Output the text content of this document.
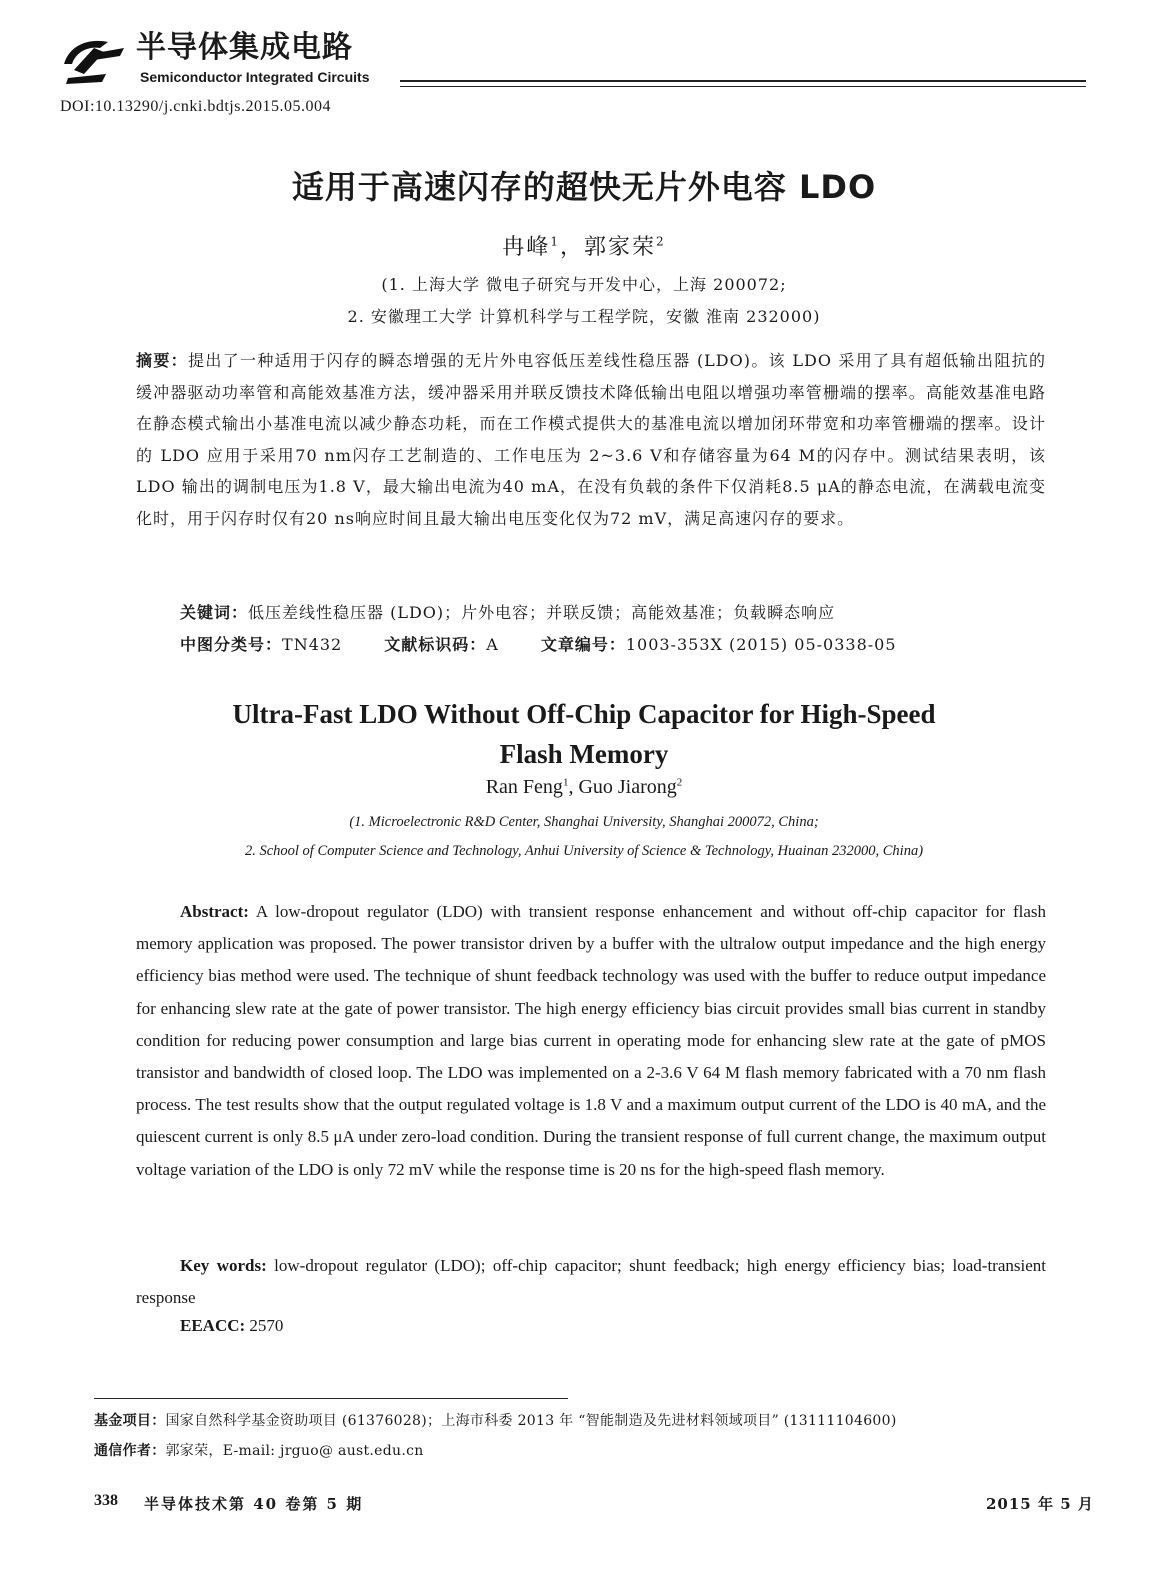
半导体集成电路
Semiconductor Integrated Circuits
DOI:10.13290/j.cnki.bdtjs.2015.05.004
适用于高速闪存的超快无片外电容 LDO
冉峰$^1$，郭家荣$^2$
(1. 上海大学 微电子研究与开发中心，上海 200072;
2. 安徽理工大学 计算机科学与工程学院，安徽 淮南 232000)
摘要：提出了一种适用于闪存的瞬态增强的无片外电容低压差线性稳压器 (LDO)。该 LDO 采用了具有超低输出阻抗的缓冲器驱动功率管和高能效基准方法，缓冲器采用并联反馈技术降低输出电阻以增强功率管栅端的摆率。高能效基准电路在静态模式输出小基准电流以减少静态功耗，而在工作模式提供大的基准电流以增加闭环带宽和功率管栅端的摆率。设计的 LDO 应用于采用70 nm闪存工艺制造的、工作电压为 2~3.6 V和存储容量为64 M的闪存中。测试结果表明，该 LDO 输出的调制电压为1.8 V，最大输出电流为40 mA，在没有负载的条件下仅消耗8.5 μA的静态电流，在满载电流变化时，用于闪存时仅有20 ns响应时间且最大输出电压变化仅为72 mV，满足高速闪存的要求。
关键词：低压差线性稳压器 (LDO)；片外电容；并联反馈；高能效基准；负载瞬态响应
中图分类号：TN432	文献标识码：A	文章编号：1003-353X (2015) 05-0338-05
Ultra-Fast LDO Without Off-Chip Capacitor for High-Speed
Flash Memory
Ran Feng$^1$, Guo Jiarong$^2$
(1. Microelectronic R&D Center, Shanghai University, Shanghai 200072, China;
2. School of Computer Science and Technology, Anhui University of Science & Technology, Huainan 232000, China)
Abstract: A low-dropout regulator (LDO) with transient response enhancement and without off-chip capacitor for flash memory application was proposed. The power transistor driven by a buffer with the ultralow output impedance and the high energy efficiency bias method were used. The technique of shunt feedback technology was used with the buffer to reduce output impedance for enhancing slew rate at the gate of power transistor. The high energy efficiency bias circuit provides small bias current in standby condition for reducing power consumption and large bias current in operating mode for enhancing slew rate at the gate of pMOS transistor and bandwidth of closed loop. The LDO was implemented on a 2-3.6 V 64 M flash memory fabricated with a 70 nm flash process. The test results show that the output regulated voltage is 1.8 V and a maximum output current of the LDO is 40 mA, and the quiescent current is only 8.5 μA under zero-load condition. During the transient response of full current change, the maximum output voltage variation of the LDO is only 72 mV while the response time is 20 ns for the high-speed flash memory.
Key words: low-dropout regulator (LDO); off-chip capacitor; shunt feedback; high energy efficiency bias; load-transient response
EEACC: 2570
基金项目：国家自然科学基金资助项目 (61376028)；上海市科委 2013 年 “智能制造及先进材料领域项目” (13111104600)
通信作者：郭家荣，E-mail: jrguo@ aust.edu.cn
338 半导体技术第 40 卷第 5 期	2015 年 5 月
